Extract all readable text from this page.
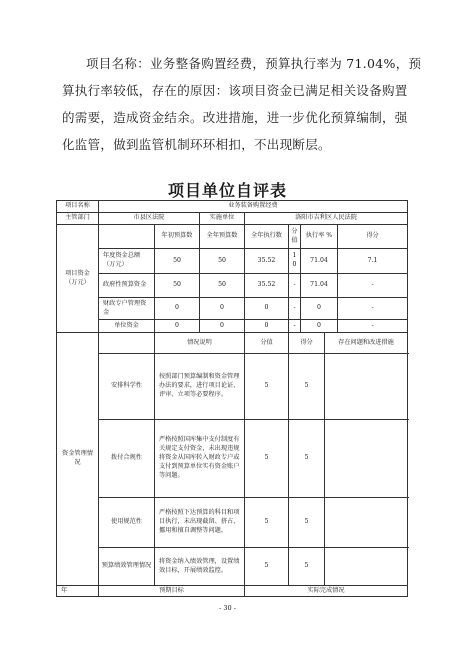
项目名称：业务整备购置经费，预算执行率为 71.04%，预
算执行率较低，存在的原因：该项目资金已满足相关设备购置
的需要，造成资金结余。改进措施，进一步优化预算编制，强
化监管，做到监管机制环环相扣，不出现断层。
项目单位自评表
项目名称	业务装备购置经费							
主管部门	市县区法院		实施单位	洛阳市吉利区人民法院				
项目资金（万元）		年初预算数	全年预算数	全年执行数	分值	执行率 %		得分
	年度资金总额（万元）	50	50	35.52	10	71.04		7.1
	政府性预算资金	50	50	35.52	-	71.04		-
	财政专户管理资金	0	0	0	-	0		-
	单位资金	0	0	0	-	0		-
资金管理情况		情况说明		分值	得分		存在问题和改进措施	
	安排科学性	按照部门预算编制和资金管理办法的要求，进行项目论证、评审、立项等必要程序。		5	5			
	拨付合规性	严格按照国库集中支付制度有关规定支付资金，未出现违规将资金从国库转入财政专户或支付到预算单位实有资金账户等问题。		5	5			
	使用规范性	严格按照下达预算的科目和项目执行，未出现截留、挤占、挪用和擅自调整等问题。		5	5			
	预算绩效管理情况	将资金纳入绩效管理，设置绩效目标，开展绩效监控。		5	5			
年	预期目标			实际完成情况				
- 30 -
